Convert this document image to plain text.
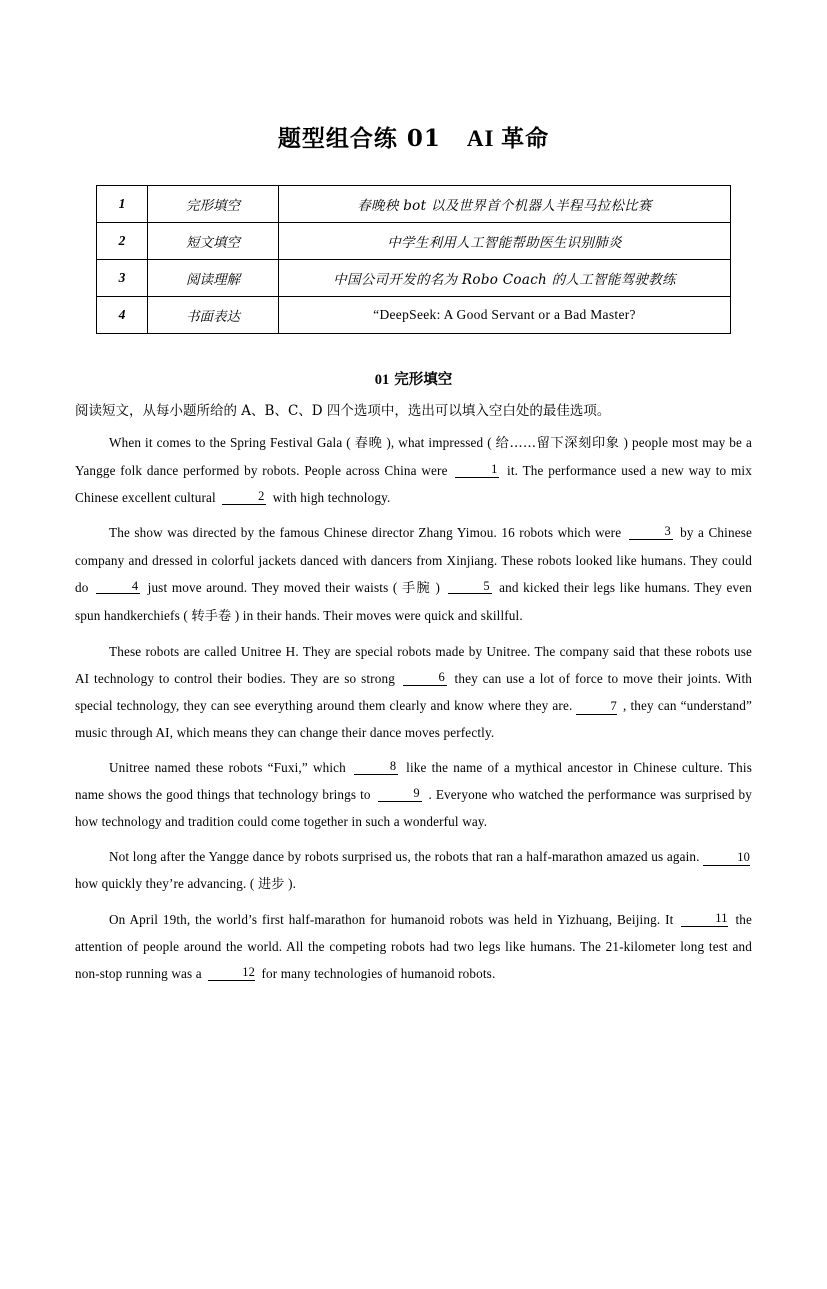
题型组合练 01 AI 革命
1	完形填空	春晚秧 bot 以及世界首个机器人半程马拉松比赛
2	短文填空	中学生利用人工智能帮助医生识别肺炎
3	阅读理解	中国公司开发的名为 Robo Coach 的人工智能驾驶教练
4	书面表达	“DeepSeek: A Good Servant or a Bad Master?
01 完形填空
阅读短文，从每小题所给的 A、B、C、D 四个选项中，选出可以填入空白处的最佳选项。
When it comes to the Spring Festival Gala ( 春晚 ), what impressed ( 给……留下深刻印象 ) people most may be a Yangge folk dance performed by robots. People across China were	1 it. The performance used a new way to mix Chinese excellent cultural	2 with high technology.
The show was directed by the famous Chinese director Zhang Yimou. 16 robots which were	3 by a Chinese company and dressed in colorful jackets danced with dancers from Xinjiang. These robots looked like humans. They could do	4 just move around. They moved their waists ( 手腕 )	5 and kicked their legs like humans. They even spun handkerchiefs ( 转手卷 ) in their hands. Their moves were quick and skillful.
These robots are called Unitree H. They are special robots made by Unitree. The company said that these robots use AI technology to control their bodies. They are so strong	6 they can use a lot of force to move their joints. With special technology, they can see everything around them clearly and know where they are.	7 , they can “understand” music through AI, which means they can change their dance moves perfectly.
Unitree named these robots “Fuxi,” which	8 like the name of a mythical ancestor in Chinese culture. This name shows the good things that technology brings to	9 . Everyone who watched the performance was surprised by how technology and tradition could come together in such a wonderful way.
Not long after the Yangge dance by robots surprised us, the robots that ran a half-marathon amazed us again.	10 how quickly they’re advancing. ( 进步 ).
On April 19th, the world’s first half-marathon for humanoid robots was held in Yizhuang, Beijing. It	11 the attention of people around the world. All the competing robots had two legs like humans. The 21-kilometer long test and non-stop running was a	12 for many technologies of humanoid robots.
